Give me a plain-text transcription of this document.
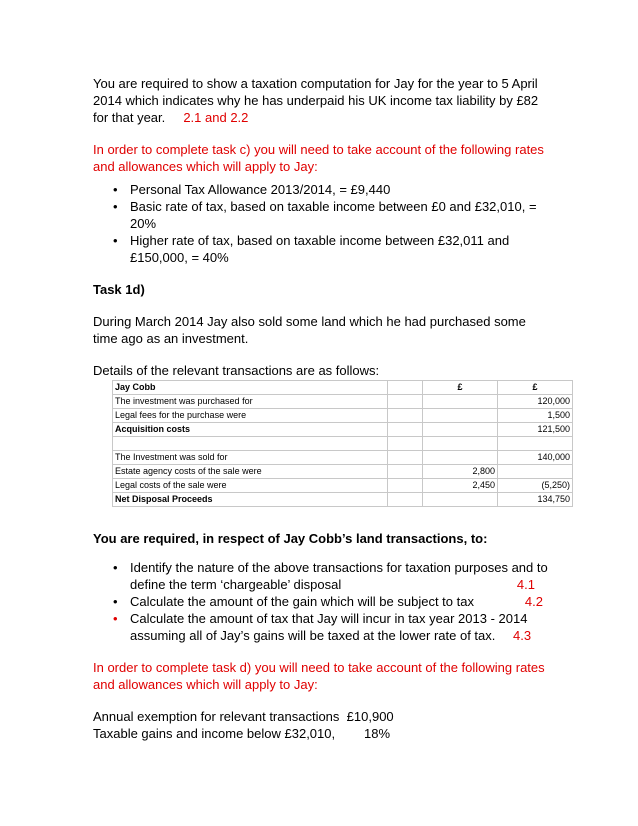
You are required to show a taxation computation for Jay for the year to 5 April 2014 which indicates why he has underpaid his UK income tax liability by £82 for that year. 2.1 and 2.2

In order to complete task c) you will need to take account of the following rates and allowances which will apply to Jay:

• Personal Tax Allowance 2013/2014, = £9,440
• Basic rate of tax, based on taxable income between £0 and £32,010, = 20%
• Higher rate of tax, based on taxable income between £32,011 and £150,000, = 40%

Task 1d)

During March 2014 Jay also sold some land which he had purchased some time ago as an investment.

Details of the relevant transactions are as follows:

Jay Cobb		£	£
The investment was purchased for			120,000
Legal fees for the purchase were			1,500
Acquisition costs			121,500

The Investment was sold for			140,000
Estate agency costs of the sale were		2,800	
Legal costs of the sale were		2,450	(5,250)
Net Disposal Proceeds			134,750

You are required, in respect of Jay Cobb’s land transactions, to:

• Identify the nature of the above transactions for taxation purposes and to define the term ‘chargeable’ disposal	4.1
• Calculate the amount of the gain which will be subject to tax	4.2
• Calculate the amount of tax that Jay will incur in tax year 2013 - 2014 assuming all of Jay’s gains will be taxed at the lower rate of tax. 4.3

In order to complete task d) you will need to take account of the following rates and allowances which will apply to Jay:

Annual exemption for relevant transactions £10,900

Taxable gains and income below £32,010, 18%
